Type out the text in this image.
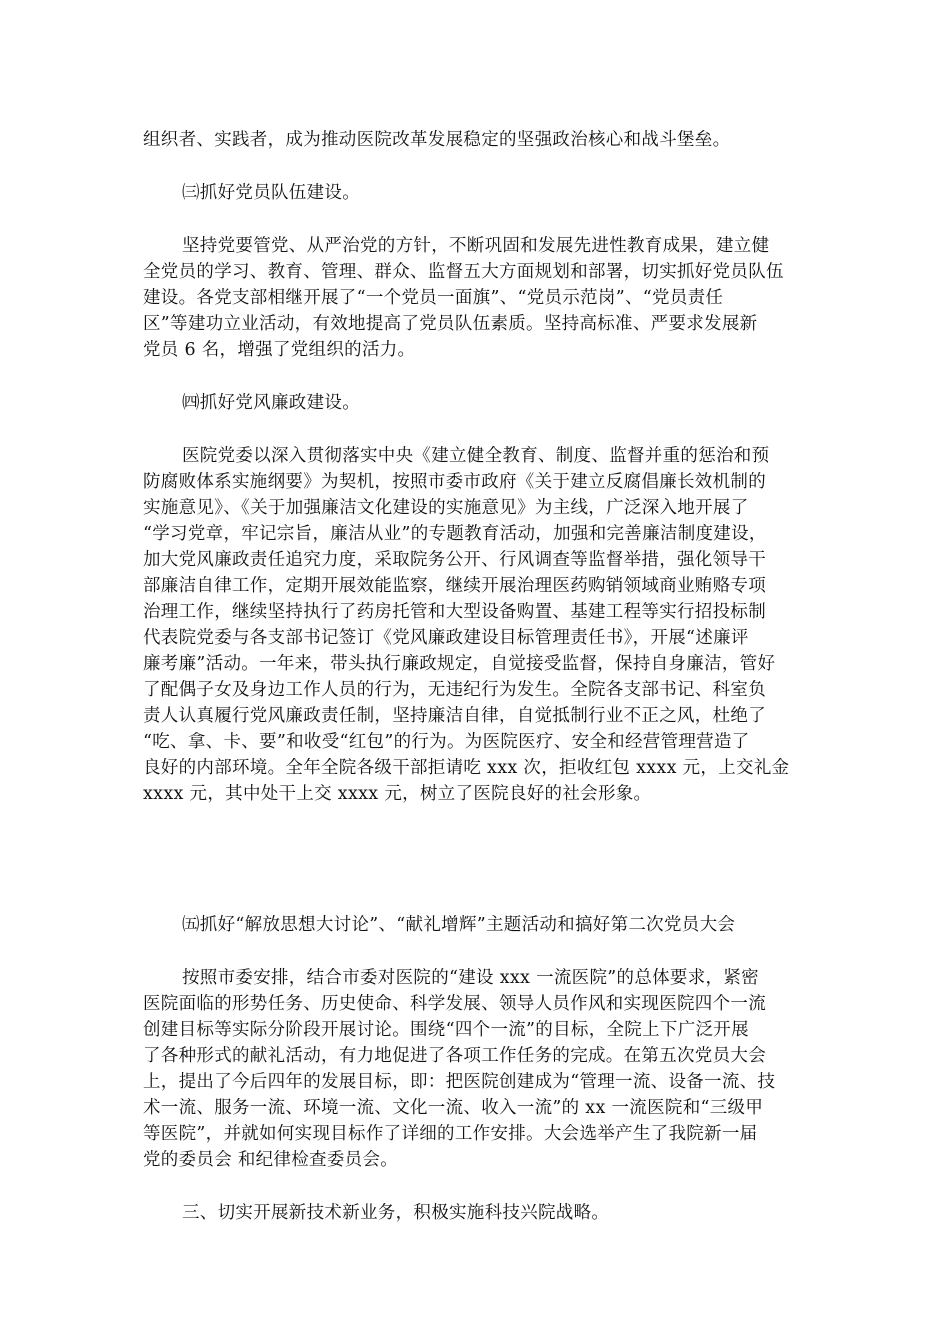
组织者、实践者，成为推动医院改革发展稳定的坚强政治核心和战斗堡垒。
㈢抓好党员队伍建设。
坚持党要管党、从严治党的方针，不断巩固和发展先进性教育成果，建立健
全党员的学习、教育、管理、群众、监督五大方面规划和部署，切实抓好党员队伍
建设。各党支部相继开展了“一个党员一面旗”、“党员示范岗”、“党员责任
区”等建功立业活动，有效地提高了党员队伍素质。坚持高标准、严要求发展新
党员 6 名，增强了党组织的活力。
㈣抓好党风廉政建设。
医院党委以深入贯彻落实中央《建立健全教育、制度、监督并重的惩治和预
防腐败体系实施纲要》为契机，按照市委市政府《关于建立反腐倡廉长效机制的
实施意见》、《关于加强廉洁文化建设的实施意见》为主线，广泛深入地开展了
“学习党章，牢记宗旨，廉洁从业”的专题教育活动，加强和完善廉洁制度建设，
加大党风廉政责任追究力度，采取院务公开、行风调查等监督举措，强化领导干
部廉洁自律工作，定期开展效能监察，继续开展治理医药购销领域商业贿赂专项
治理工作，继续坚持执行了药房托管和大型设备购置、基建工程等实行招投标制
代表院党委与各支部书记签订《党风廉政建设目标管理责任书》，开展“述廉评
廉考廉”活动。一年来，带头执行廉政规定，自觉接受监督，保持自身廉洁，管好
了配偶子女及身边工作人员的行为，无违纪行为发生。全院各支部书记、科室负
责人认真履行党风廉政责任制，坚持廉洁自律，自觉抵制行业不正之风，杜绝了
“吃、拿、卡、要”和收受“红包”的行为。为医院医疗、安全和经营管理营造了
良好的内部环境。全年全院各级干部拒请吃 xxx 次，拒收红包 xxxx 元，上交礼金
xxxx 元，其中处干上交 xxxx 元，树立了医院良好的社会形象。
㈤抓好“解放思想大讨论”、“献礼增辉”主题活动和搞好第二次党员大会
按照市委安排，结合市委对医院的“建设 xxx 一流医院”的总体要求，紧密
医院面临的形势任务、历史使命、科学发展、领导人员作风和实现医院四个一流
创建目标等实际分阶段开展讨论。围绕“四个一流”的目标，全院上下广泛开展
了各种形式的献礼活动，有力地促进了各项工作任务的完成。在第五次党员大会
上，提出了今后四年的发展目标，即：把医院创建成为“管理一流、设备一流、技
术一流、服务一流、环境一流、文化一流、收入一流”的 xx 一流医院和“三级甲
等医院”，并就如何实现目标作了详细的工作安排。大会选举产生了我院新一届
党的委员会 和纪律检查委员会。
三、切实开展新技术新业务，积极实施科技兴院战略。
